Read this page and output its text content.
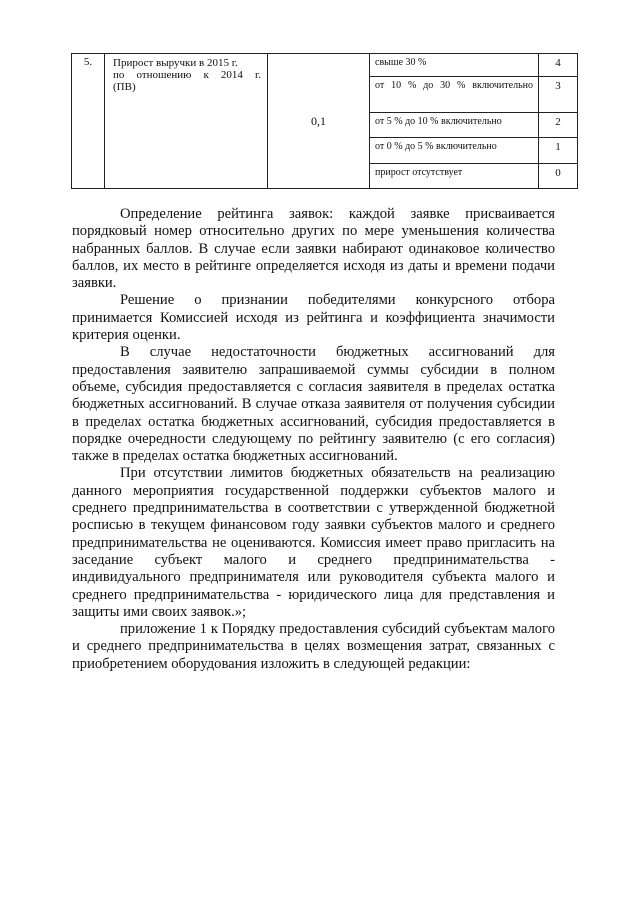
5.	Прирост выручки в 2015 г.
по отношению к 2014 г.
(ПВ)	0,1	свыше 30 %	4

			от 10 % до 30 % включительно	3
			от 5 % до 10 % включительно	2
			от 0 % до 5 % включительно	1
			прирост отсутствует	0

Определение рейтинга заявок: каждой заявке присваивается порядковый номер относительно других по мере уменьшения количества набранных баллов. В случае если заявки набирают одинаковое количество баллов, их место в рейтинге определяется исходя из даты и времени подачи заявки.

Решение о признании победителями конкурсного отбора принимается Комиссией исходя из рейтинга и коэффициента значимости критерия оценки.

В случае недостаточности бюджетных ассигнований для предоставления заявителю запрашиваемой суммы субсидии в полном объеме, субсидия предоставляется с согласия заявителя в пределах остатка бюджетных ассигнований. В случае отказа заявителя от получения субсидии в пределах остатка бюджетных ассигнований, субсидия предоставляется в порядке очередности следующему по рейтингу заявителю (с его согласия) также в пределах остатка бюджетных ассигнований.

При отсутствии лимитов бюджетных обязательств на реализацию данного мероприятия государственной поддержки субъектов малого и среднего предпринимательства в соответствии с утвержденной бюджетной росписью в текущем финансовом году заявки субъектов малого и среднего предпринимательства не оцениваются. Комиссия имеет право пригласить на заседание субъект малого и среднего предпринимательства - индивидуального предпринимателя или руководителя субъекта малого и среднего предпринимательства - юридического лица для представления и защиты ими своих заявок.»;

приложение 1 к Порядку предоставления субсидий субъектам малого и среднего предпринимательства в целях возмещения затрат, связанных с приобретением оборудования изложить в следующей редакции:
